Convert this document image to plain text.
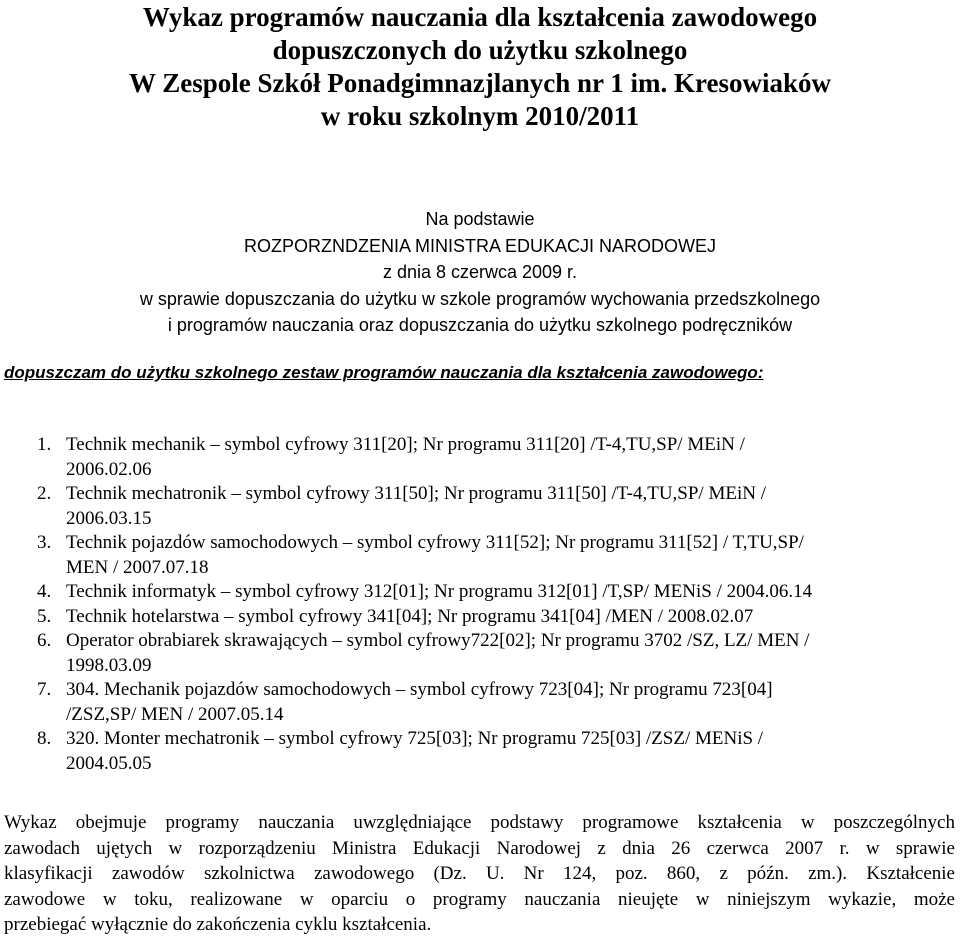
Wykaz programów nauczania dla kształcenia zawodowego
dopuszczonych do użytku szkolnego
W Zespole Szkół Ponadgimnazjlanych nr 1 im. Kresowiaków
w roku szkolnym 2010/2011
Na podstawie
ROZPORZNDZENIA MINISTRA EDUKACJI NARODOWEJ
z dnia 8 czerwca 2009 r.
w sprawie dopuszczania do użytku w szkole programów wychowania przedszkolnego
i programów nauczania oraz dopuszczania do użytku szkolnego podręczników
dopuszczam do użytku szkolnego zestaw programów nauczania dla kształcenia zawodowego:
1. Technik mechanik – symbol cyfrowy 311[20]; Nr programu 311[20] /T-4,TU,SP/ MEiN /
2006.02.06
2. Technik mechatronik – symbol cyfrowy 311[50]; Nr programu 311[50] /T-4,TU,SP/ MEiN /
2006.03.15
3. Technik pojazdów samochodowych – symbol cyfrowy 311[52]; Nr programu 311[52] / T,TU,SP/
MEN / 2007.07.18
4. Technik informatyk – symbol cyfrowy 312[01]; Nr programu 312[01] /T,SP/ MENiS / 2004.06.14
5. Technik hotelarstwa – symbol cyfrowy 341[04]; Nr programu 341[04] /MEN / 2008.02.07
6. Operator obrabiarek skrawających – symbol cyfrowy722[02]; Nr programu 3702 /SZ, LZ/ MEN /
1998.03.09
7. 304. Mechanik pojazdów samochodowych – symbol cyfrowy 723[04]; Nr programu 723[04]
/ZSZ,SP/ MEN / 2007.05.14
8. 320. Monter mechatronik – symbol cyfrowy 725[03]; Nr programu 725[03] /ZSZ/ MENiS /
2004.05.05
Wykaz obejmuje programy nauczania uwzględniające podstawy programowe kształcenia w poszczególnych
zawodach ujętych w rozporządzeniu Ministra Edukacji Narodowej z dnia 26 czerwca 2007 r. w sprawie
klasyfikacji zawodów szkolnictwa zawodowego (Dz. U. Nr 124, poz. 860, z późn. zm.). Kształcenie
zawodowe w toku, realizowane w oparciu o programy nauczania nieujęte w niniejszym wykazie, może
przebiegać wyłącznie do zakończenia cyklu kształcenia.
